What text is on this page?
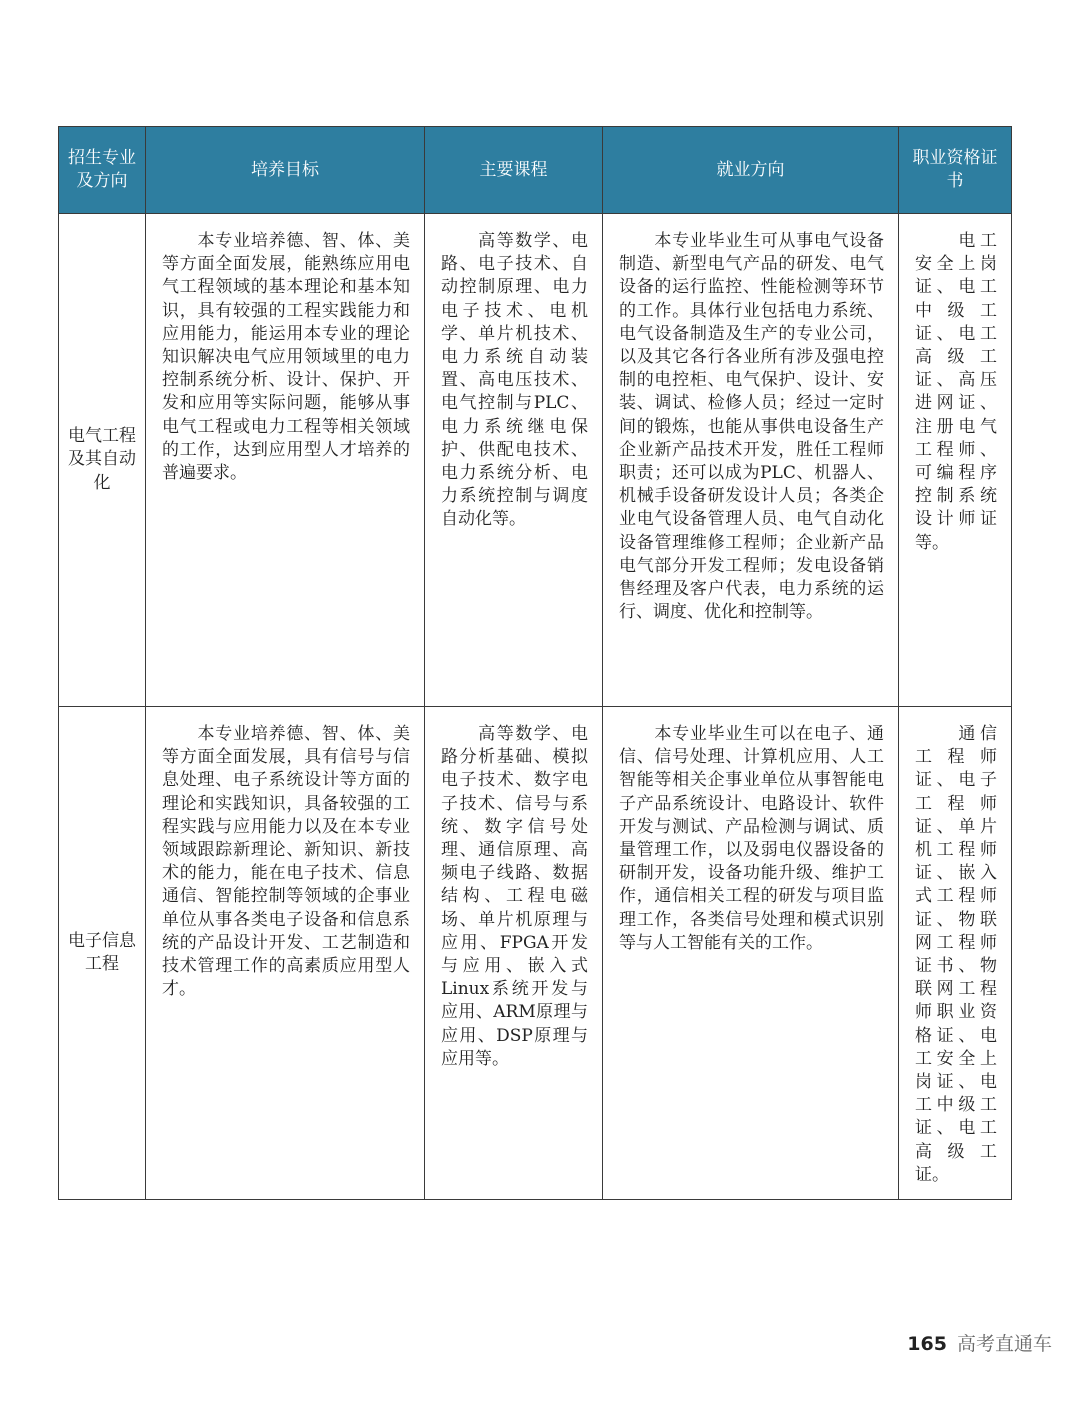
招生专业及方向	培养目标	主要课程	就业方向	职业资格证书
电气工程及其自动化	　　本专业培养德、智、体、美等方面全面发展，能熟练应用电气工程领域的基本理论和基本知识，具有较强的工程实践能力和应用能力，能运用本专业的理论知识解决电气应用领域里的电力控制系统分析、设计、保护、开发和应用等实际问题，能够从事电气工程或电力工程等相关领域的工作，达到应用型人才培养的普遍要求。	　　高等数学、电路、电子技术、自动控制原理、电力电子技术、电机学、单片机技术、电力系统自动装置、高电压技术、电气控制与PLC、电力系统继电保护、供配电技术、电力系统分析、电力系统控制与调度自动化等。	　　本专业毕业生可从事电气设备制造、新型电气产品的研发、电气设备的运行监控、性能检测等环节的工作。具体行业包括电力系统、电气设备制造及生产的专业公司，以及其它各行各业所有涉及强电控制的电控柜、电气保护、设计、安装、调试、检修人员；经过一定时间的锻炼，也能从事供电设备生产企业新产品技术开发，胜任工程师职责；还可以成为PLC、机器人、机械手设备研发设计人员；各类企业电气设备管理人员、电气自动化设备管理维修工程师；企业新产品电气部分开发工程师；发电设备销售经理及客户代表，电力系统的运行、调度、优化和控制等。	　　电工安全上岗证、电工中级工证、电工高级工证、高压进网证、注册电气工程师、可编程序控制系统设计师证等。
电子信息工程	　　本专业培养德、智、体、美等方面全面发展，具有信号与信息处理、电子系统设计等方面的理论和实践知识，具备较强的工程实践与应用能力以及在本专业领域跟踪新理论、新知识、新技术的能力，能在电子技术、信息通信、智能控制等领域的企事业单位从事各类电子设备和信息系统的产品设计开发、工艺制造和技术管理工作的高素质应用型人才。	　　高等数学、电路分析基础、模拟电子技术、数字电子技术、信号与系统、数字信号处理、通信原理、高频电子线路、数据结构、工程电磁场、单片机原理与应用、FPGA开发与应用、嵌入式Linux系统开发与应用、ARM原理与应用、DSP原理与应用等。	　　本专业毕业生可以在电子、通信、信号处理、计算机应用、人工智能等相关企事业单位从事智能电子产品系统设计、电路设计、软件开发与测试、产品检测与调试、质量管理工作，以及弱电仪器设备的研制开发，设备功能升级、维护工作，通信相关工程的研发与项目监理工作，各类信号处理和模式识别等与人工智能有关的工作。	　　通信工程师证、电子工程师证、单片机工程师证、嵌入式工程师证、物联网工程师证书、物联网工程师职业资格证、电工安全上岗证、电工中级工证、电工高级工证。
165 高考直通车
